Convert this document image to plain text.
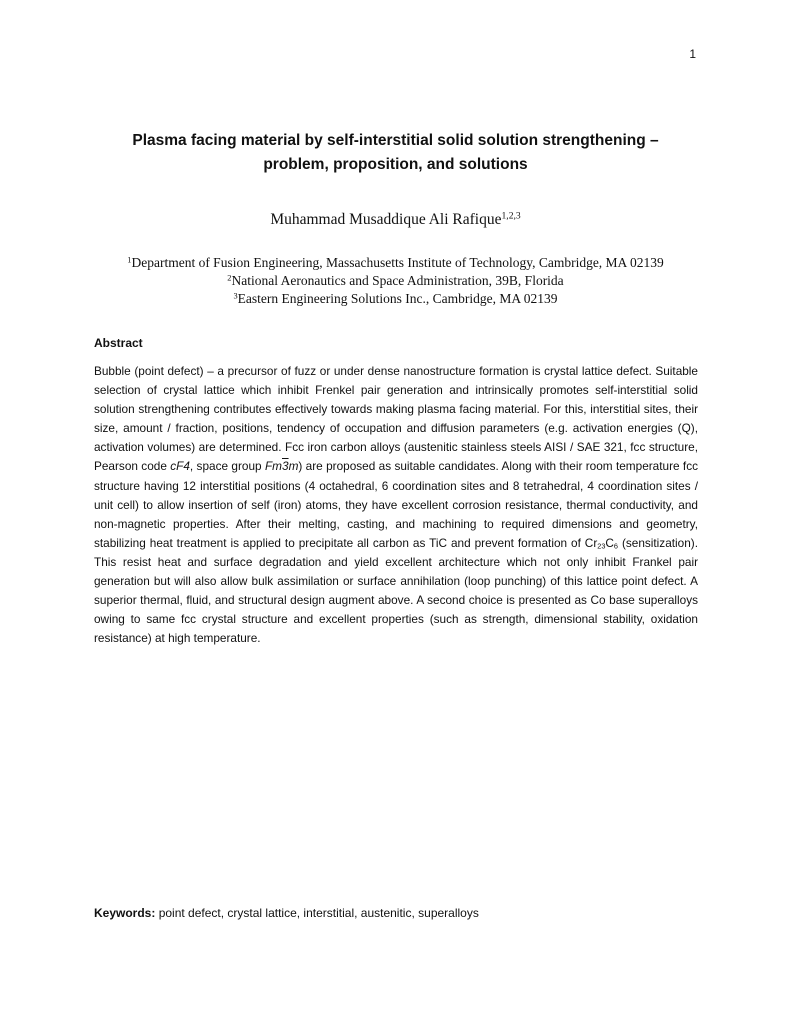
1
Plasma facing material by self-interstitial solid solution strengthening –
problem, proposition, and solutions
Muhammad Musaddique Ali Rafique$^{1,2,3}$
$^1$Department of Fusion Engineering, Massachusetts Institute of Technology, Cambridge, MA 02139
$^2$National Aeronautics and Space Administration, 39B, Florida
$^3$Eastern Engineering Solutions Inc., Cambridge, MA 02139
Abstract

Bubble (point defect) – a precursor of fuzz or under dense nanostructure formation is crystal lattice defect. Suitable selection of crystal lattice which inhibit Frenkel pair generation and intrinsically promotes self-interstitial solid solution strengthening contributes effectively towards making plasma facing material. For this, interstitial sites, their size, amount / fraction, positions, tendency of occupation and diffusion parameters (e.g. activation energies (Q), activation volumes) are determined. Fcc iron carbon alloys (austenitic stainless steels AISI / SAE 321, fcc structure, Pearson code cF4, space group Fm3m) are proposed as suitable candidates. Along with their room temperature fcc structure having 12 interstitial positions (4 octahedral, 6 coordination sites and 8 tetrahedral, 4 coordination sites / unit cell) to allow insertion of self (iron) atoms, they have excellent corrosion resistance, thermal conductivity, and non-magnetic properties. After their melting, casting, and machining to required dimensions and geometry, stabilizing heat treatment is applied to precipitate all carbon as TiC and prevent formation of $Cr_{23}C_6$ (sensitization). This resist heat and surface degradation and yield excellent architecture which not only inhibit Frankel pair generation but will also allow bulk assimilation or surface annihilation (loop punching) of this lattice point defect. A superior thermal, fluid, and structural design augment above. A second choice is presented as Co base superalloys owing to same fcc crystal structure and excellent properties (such as strength, dimensional stability, oxidation resistance) at high temperature.

Keywords: point defect, crystal lattice, interstitial, austenitic, superalloys
